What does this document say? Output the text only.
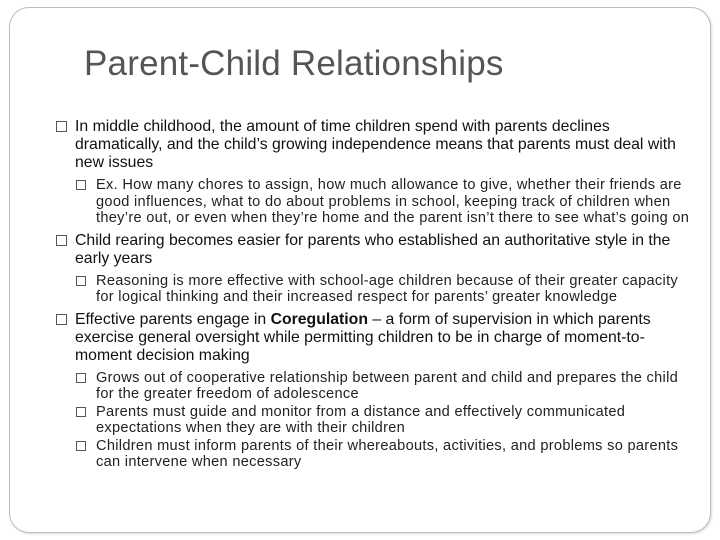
Parent-Child Relationships
In middle childhood, the amount of time children spend with parents declines dramatically, and the child’s growing independence means that parents must deal with new issues
Ex. How many chores to assign, how much allowance to give, whether their friends are good influences, what to do about problems in school, keeping track of children when they’re out, or even when they’re home and the parent isn’t there to see what’s going on
Child rearing becomes easier for parents who established an authoritative style in the early years
Reasoning is more effective with school-age children because of their greater capacity for logical thinking and their increased respect for parents’ greater knowledge
Effective parents engage in Coregulation – a form of supervision in which parents exercise general oversight while permitting children to be in charge of moment-to-moment decision making
Grows out of cooperative relationship between parent and child and prepares the child for the greater freedom of adolescence
Parents must guide and monitor from a distance and effectively communicated expectations when they are with their children
Children must inform parents of their whereabouts, activities, and problems so parents can intervene when necessary
